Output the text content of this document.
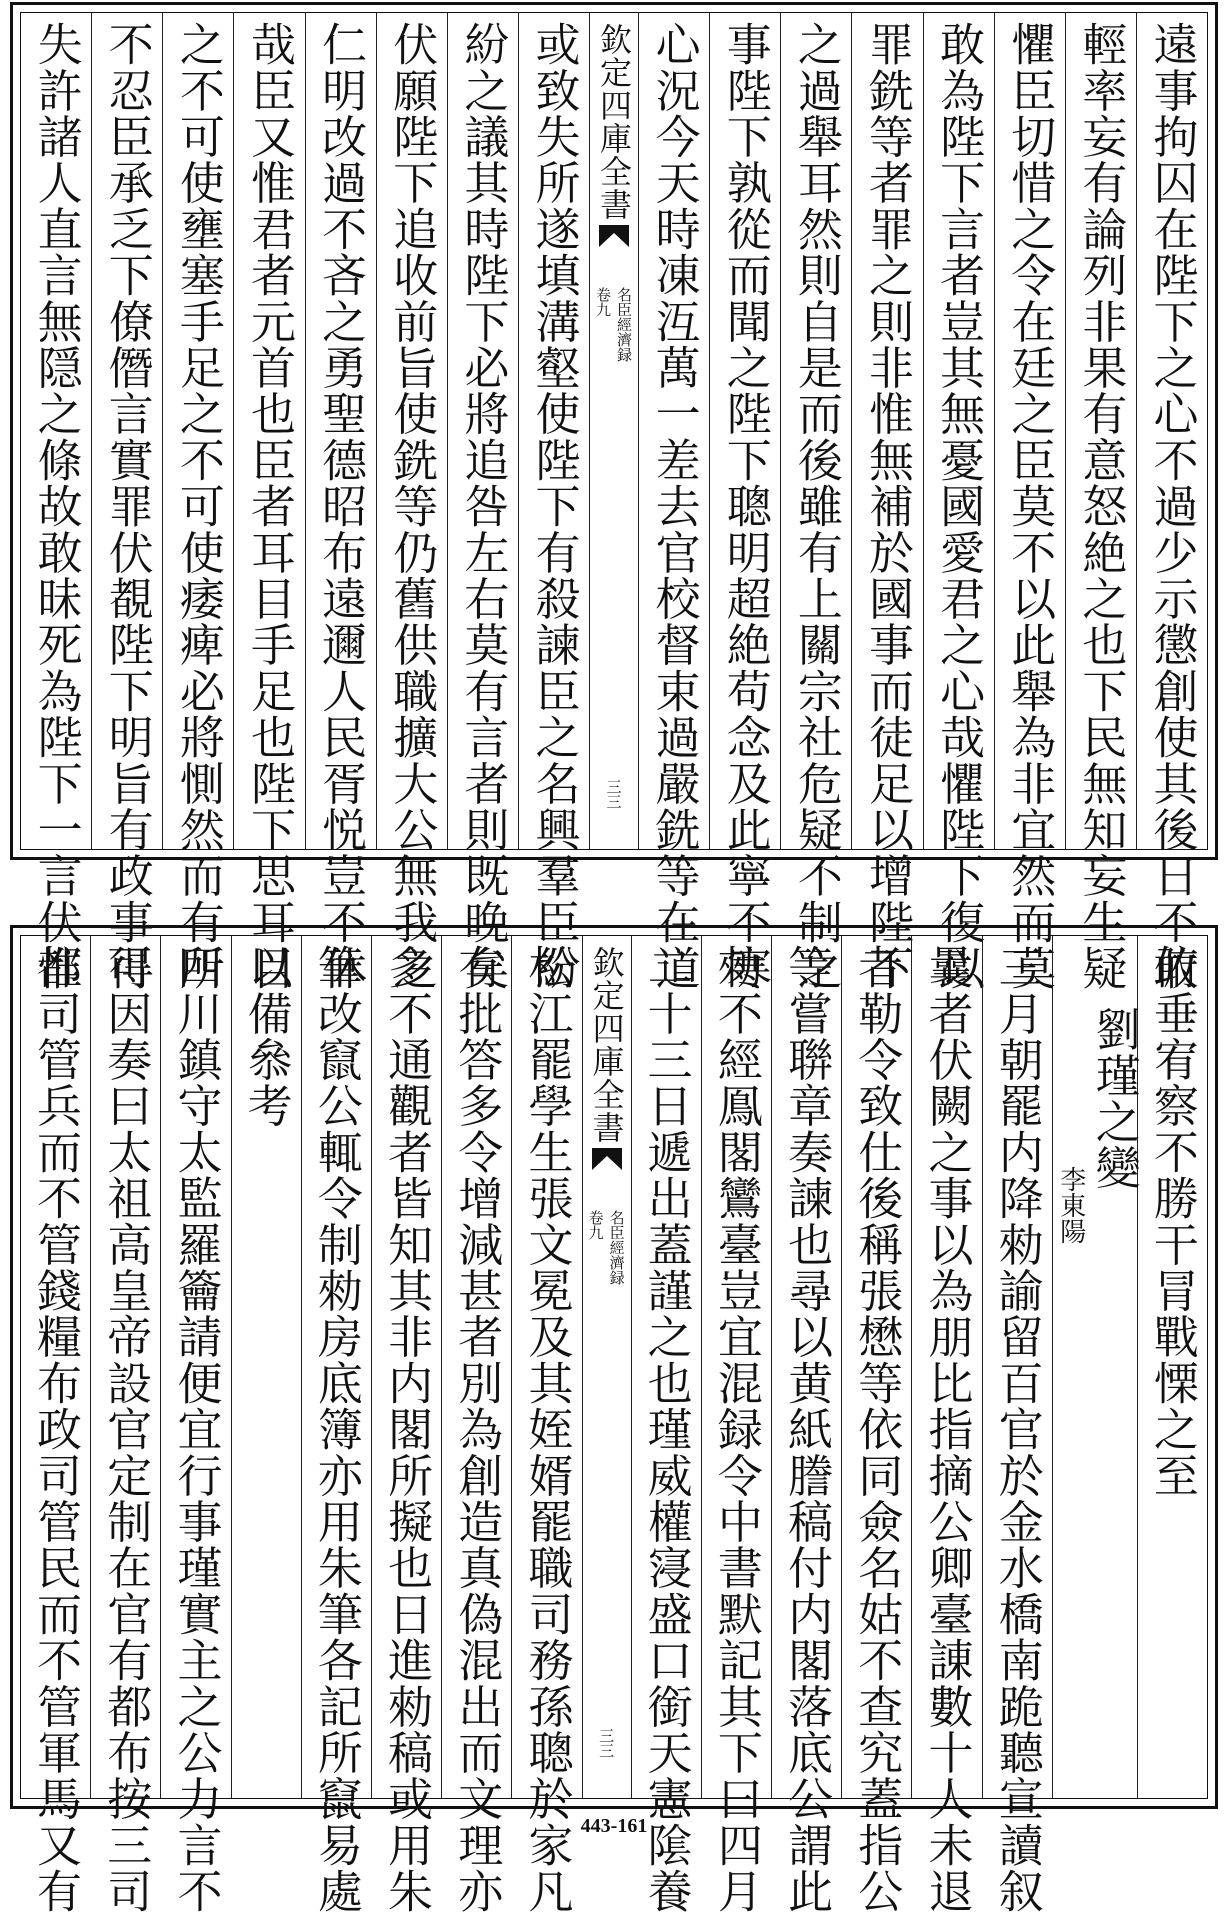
遠事拘囚在陛下之心不過少示懲創使其後日不敢
輕率妄有論列非果有意怒絶之也下民無知妄生疑
懼臣切惜之令在廷之臣莫不以此舉為非宜然而莫
敢為陛下言者豈其無憂國愛君之心哉懼陛下復以
罪銑等者罪之則非惟無補於國事而徒足以增陛下
之過舉耳然則自是而後雖有上關宗社危疑不制之
事陛下孰從而聞之陛下聰明超絶苟念及此寧不寒
心況今天時凍沍萬一差去官校督束過嚴銑等在道
欽定四庫全書
名臣經濟録
卷九
三三
或致失所遂填溝壑使陛下有殺諫臣之名興羣臣紛
紛之議其時陛下必將追咎左右莫有言者則既晚矣
伏願陛下追收前旨使銑等仍舊供職擴大公無我之
仁明改過不吝之勇聖德昭布遠邇人民胥悦豈不休
哉臣又惟君者元首也臣者耳目手足也陛下思耳目
之不可使壅塞手足之不可使痿痺必將惻然而有所
不忍臣承乏下僚僭言實罪伏覩陛下明旨有政事得
失許諸人直言無隠之條故敢昧死為陛下一言伏惟
俯垂宥察不勝干冐戰慄之至
劉瑾之變
李東陽
三月朝罷内降勑諭留百官於金水橋南跪聽宣讀叙
曩者伏闕之事以為朋比指摘公卿臺諌數十人未退
者勒令致仕後稱張懋等依同僉名姑不查究蓋指公
等嘗聨章奏諫也尋以黄紙謄稿付内閣落底公謂此
勑不經鳯閣鸞臺豈宜混録令中書默記其下曰四月
二十三日遞出蓋謹之也瑾威權寖盛口銜天憲隂養
欽定四庫全書
名臣經濟録
卷九
三三
松江罷學生張文冕及其姪婿罷職司務孫聰於家凡
有批答多令增減甚者別為創造真偽混出而文理亦
多不通觀者皆知其非内閣所擬也日進勑稿或用朱
筆改竄公輒令制勑房底簿亦用朱筆各記所竄易處
以備叅考
四川鎮守太監羅籥請便宜行事瑾實主之公力言不
可因奏曰太祖高皇帝設官定制在官有都布按三司
都司管兵而不管錢糧布政司管民而不管軍馬又有	443-161
